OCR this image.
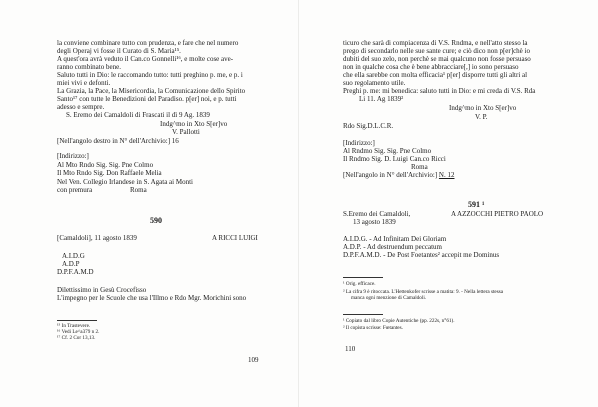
la conviene combinare tutto con prudenza, e fare che nel numero
degli Operaj vi fosse il Curato di S. Maria¹⁵.
A quest'ora avrà veduto il Can.co Gonnelli¹⁶, e molte cose ave-
ranno combinato bene.
Saluto tutti in Dio: le raccomando tutto: tutti preghino p. me, e p. i
miei vivi e defonti.
La Grazia, la Pace, la Misericordia, la Comunicazione dello Spirito
Santo¹⁷ con tutte le Benedizioni del Paradiso. p[er] noi, e p. tutti
adesso e sempre.
S. Eremo dei Camaldoli di Frascati il dì 9 Ag. 1839
Indg^mo in Xto S[er]vo
V. Pallotti
[Nell'angolo destro in N° dell'Archivio:] 16
[Indirizzo:]
Al Mto Rndo Sig. Sig. Pne Colmo
Il Mto Rndo Sig. Don Raffaele Melia
Nel Ven. Collegio Irlandese in S. Agata ai Monti
con premura	Roma
590
[Camaldoli], 11 agosto 1839	A RICCI LUIGI
A.I.D.G
A.D.P
D.P.F.A.M.D
Dilettissimo in Gesù Crocefisso
L'impegno per le Scuole che usa l'Illmo e Rdo Mgr. Morichini sono
¹⁵ In Trastevere.
¹⁶ Vedi Le^a379 n 2.
¹⁷ Cf. 2 Cor 13,13.
109
ticuro che sarà di compiacenza di V.S. Rndma, e nell'atto stesso la
prego di secondarlo nelle sue sante cure; e ciò dico non p[er]chè io
dubiti del suo zelo, non perchè se mai qualcuno non fosse persuaso
non in qualche cosa che è bene abbracciare[,] io sono persuaso
che ella sarebbe con molta efficacia¹ p[er] disporre tutti gli altri al
suo regolamento utile.
Preghi p. me: mi benedica: saluto tutti in Dio: e mi creda di V.S. Rda
Li 11. Ag 1839²
Indg^mo in Xto S[er]vo
V. P.
Rdo Sig.D.L.C.R.
[Indirizzo:]
Al Rndmo Sig. Sig. Pne Colmo
Il Rndmo Sig. D. Luigi Can.co Ricci
Roma
[Nell'angolo in N° dell'Archivio:] N. 12
591 ¹
S.Eremo dei Camaldoli,
13 agosto 1839
A AZZOCCHI PIETRO PAOLO
A.I.D.G. - Ad Infinitam Dei Gloriam
A.D.P. - Ad destruendum peccatum
D.P.F.A.M.D. - De Post Foetantes² accepit me Dominus
¹ Orig. efficace.
² La cifra 9 è ritoccata. L'Hettenkofer scrisse a matita: 9. - Nella lettera stessa
manca ogni menzione di Camaldoli.
¹ Copiato dal libro Copie Autentiche (pp. 222s, n°61).
² Il copista scrisse: Fœtantes.
110
